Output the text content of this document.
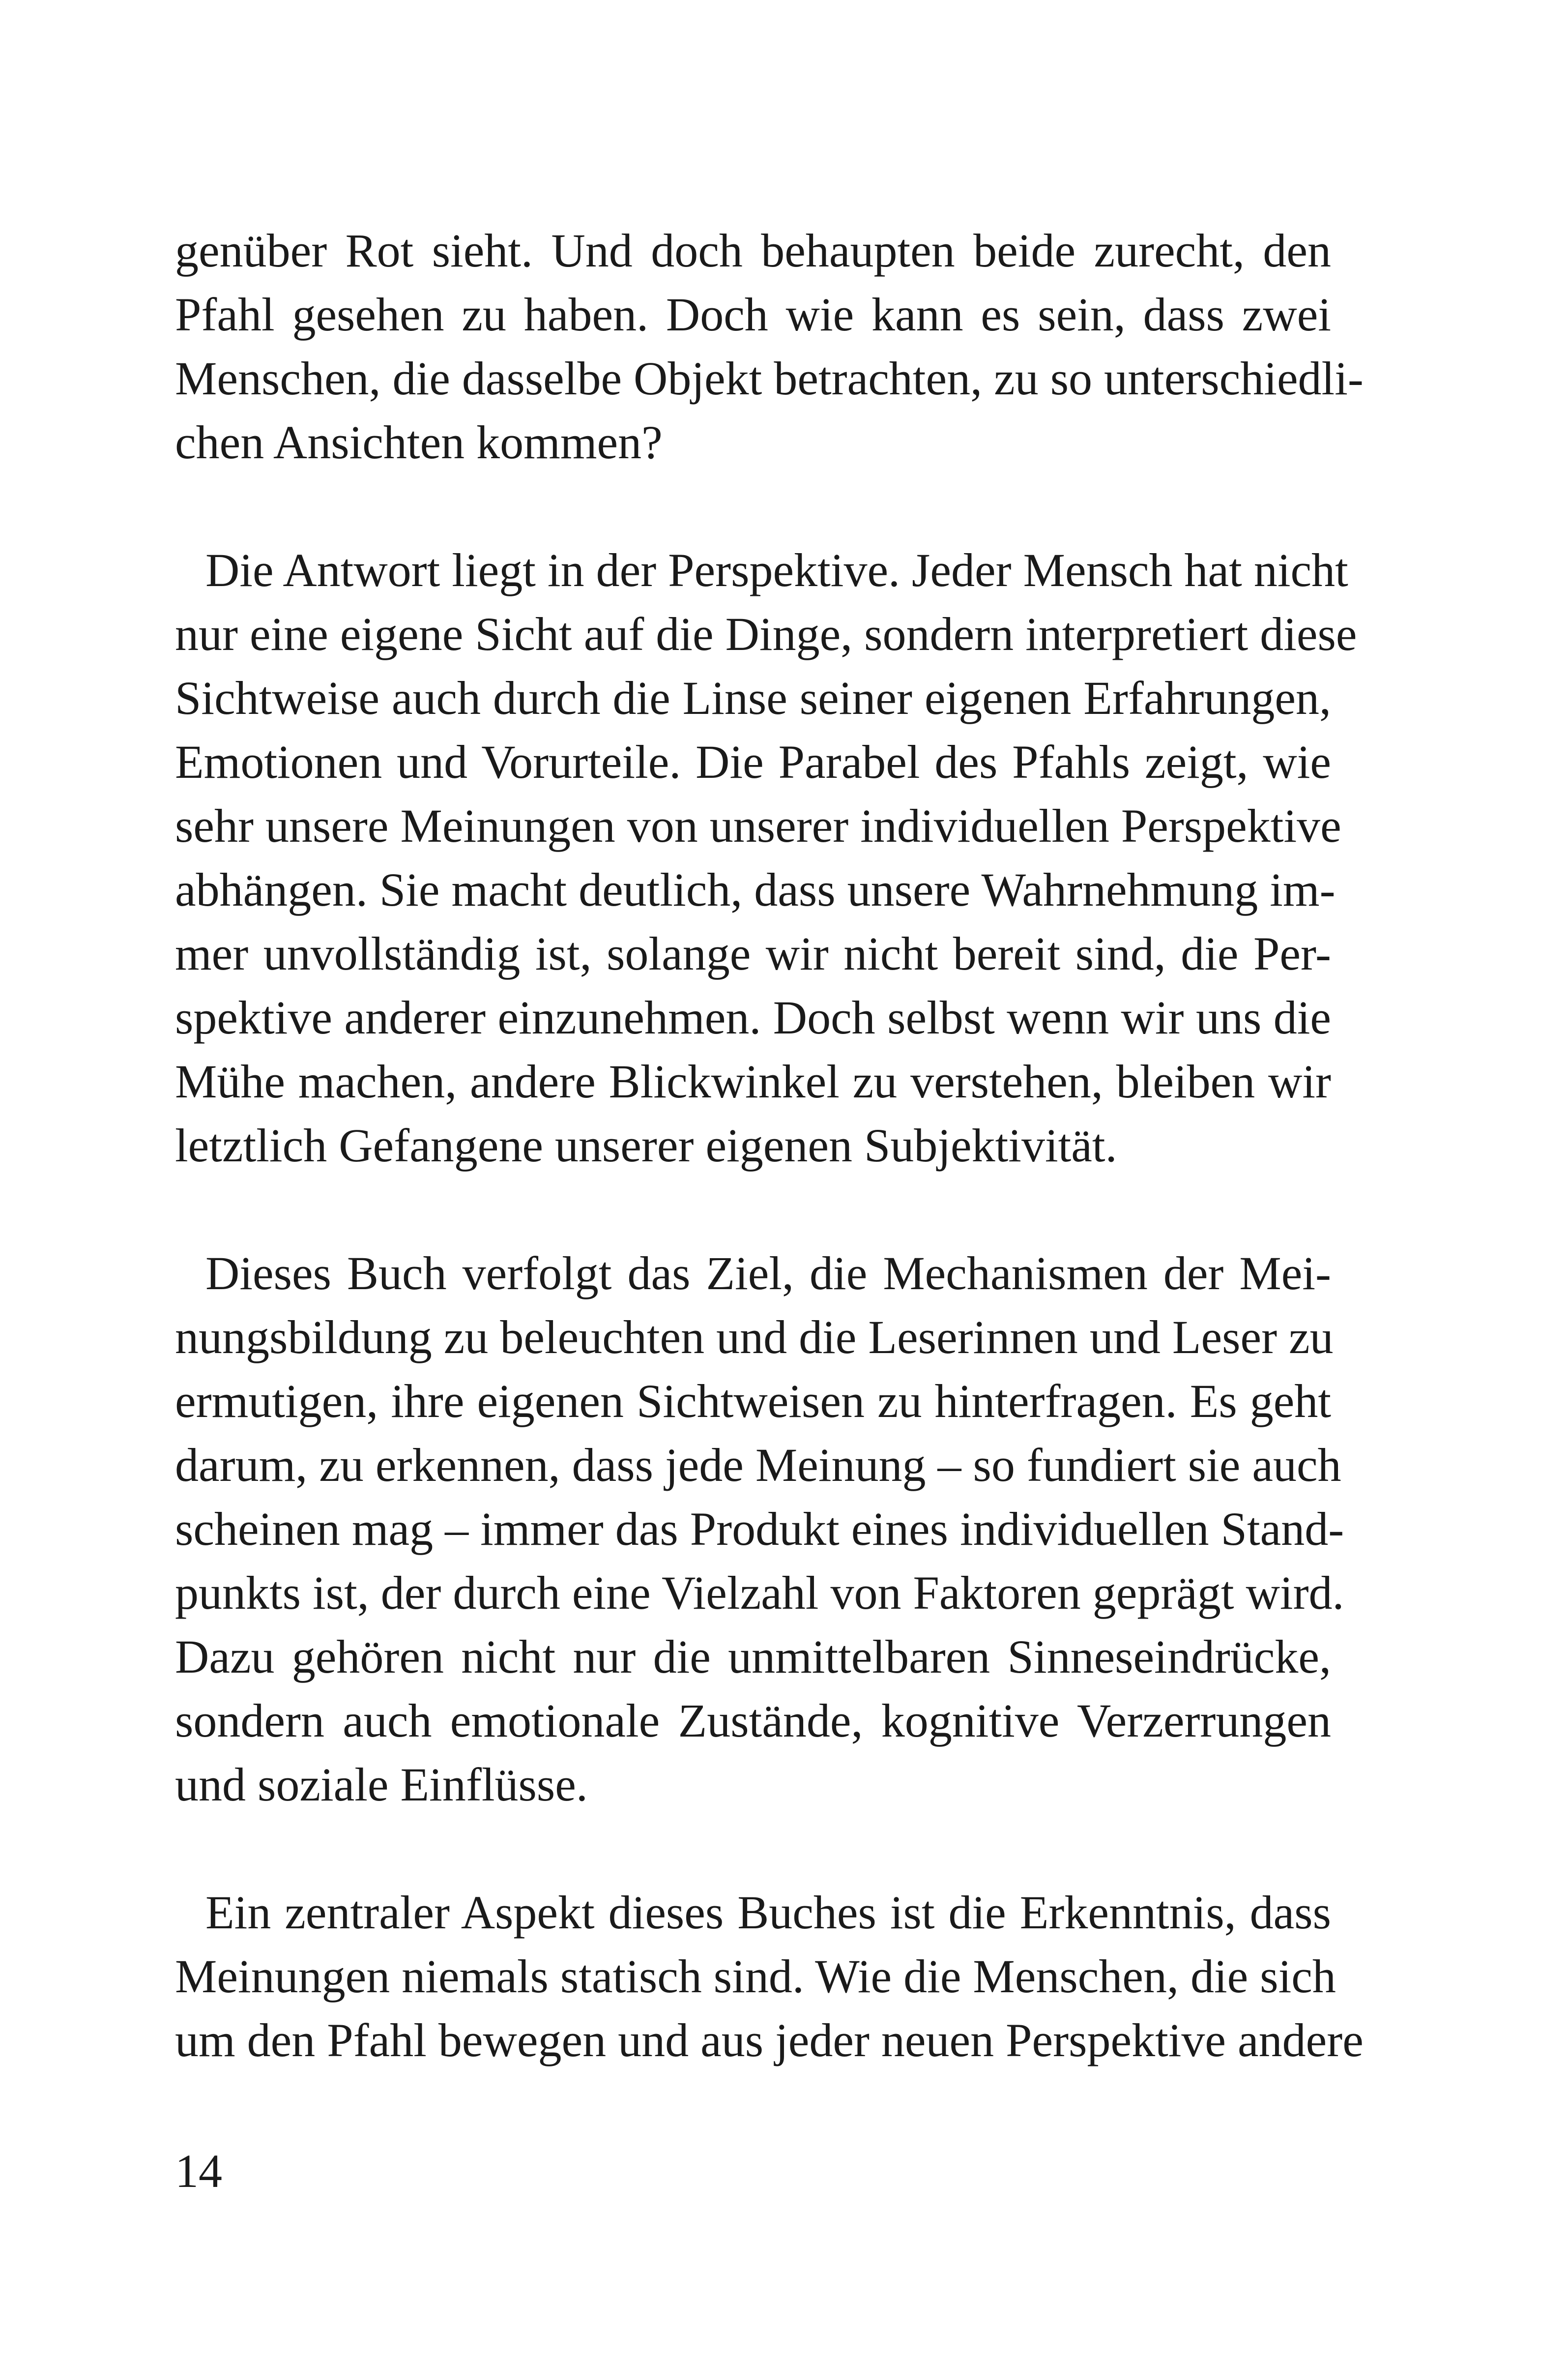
genüber Rot sieht. Und doch behaupten beide zurecht, den
Pfahl gesehen zu haben. Doch wie kann es sein, dass zwei
Menschen, die dasselbe Objekt betrachten, zu so unterschiedli-
chen Ansichten kommen?

Die Antwort liegt in der Perspektive. Jeder Mensch hat nicht
nur eine eigene Sicht auf die Dinge, sondern interpretiert diese
Sichtweise auch durch die Linse seiner eigenen Erfahrungen,
Emotionen und Vorurteile. Die Parabel des Pfahls zeigt, wie
sehr unsere Meinungen von unserer individuellen Perspektive
abhängen. Sie macht deutlich, dass unsere Wahrnehmung im-
mer unvollständig ist, solange wir nicht bereit sind, die Per-
spektive anderer einzunehmen. Doch selbst wenn wir uns die
Mühe machen, andere Blickwinkel zu verstehen, bleiben wir
letztlich Gefangene unserer eigenen Subjektivität.

Dieses Buch verfolgt das Ziel, die Mechanismen der Mei-
nungsbildung zu beleuchten und die Leserinnen und Leser zu
ermutigen, ihre eigenen Sichtweisen zu hinterfragen. Es geht
darum, zu erkennen, dass jede Meinung – so fundiert sie auch
scheinen mag – immer das Produkt eines individuellen Stand-
punkts ist, der durch eine Vielzahl von Faktoren geprägt wird.
Dazu gehören nicht nur die unmittelbaren Sinneseindrücke,
sondern auch emotionale Zustände, kognitive Verzerrungen
und soziale Einflüsse.

Ein zentraler Aspekt dieses Buches ist die Erkenntnis, dass
Meinungen niemals statisch sind. Wie die Menschen, die sich
um den Pfahl bewegen und aus jeder neuen Perspektive andere

14
